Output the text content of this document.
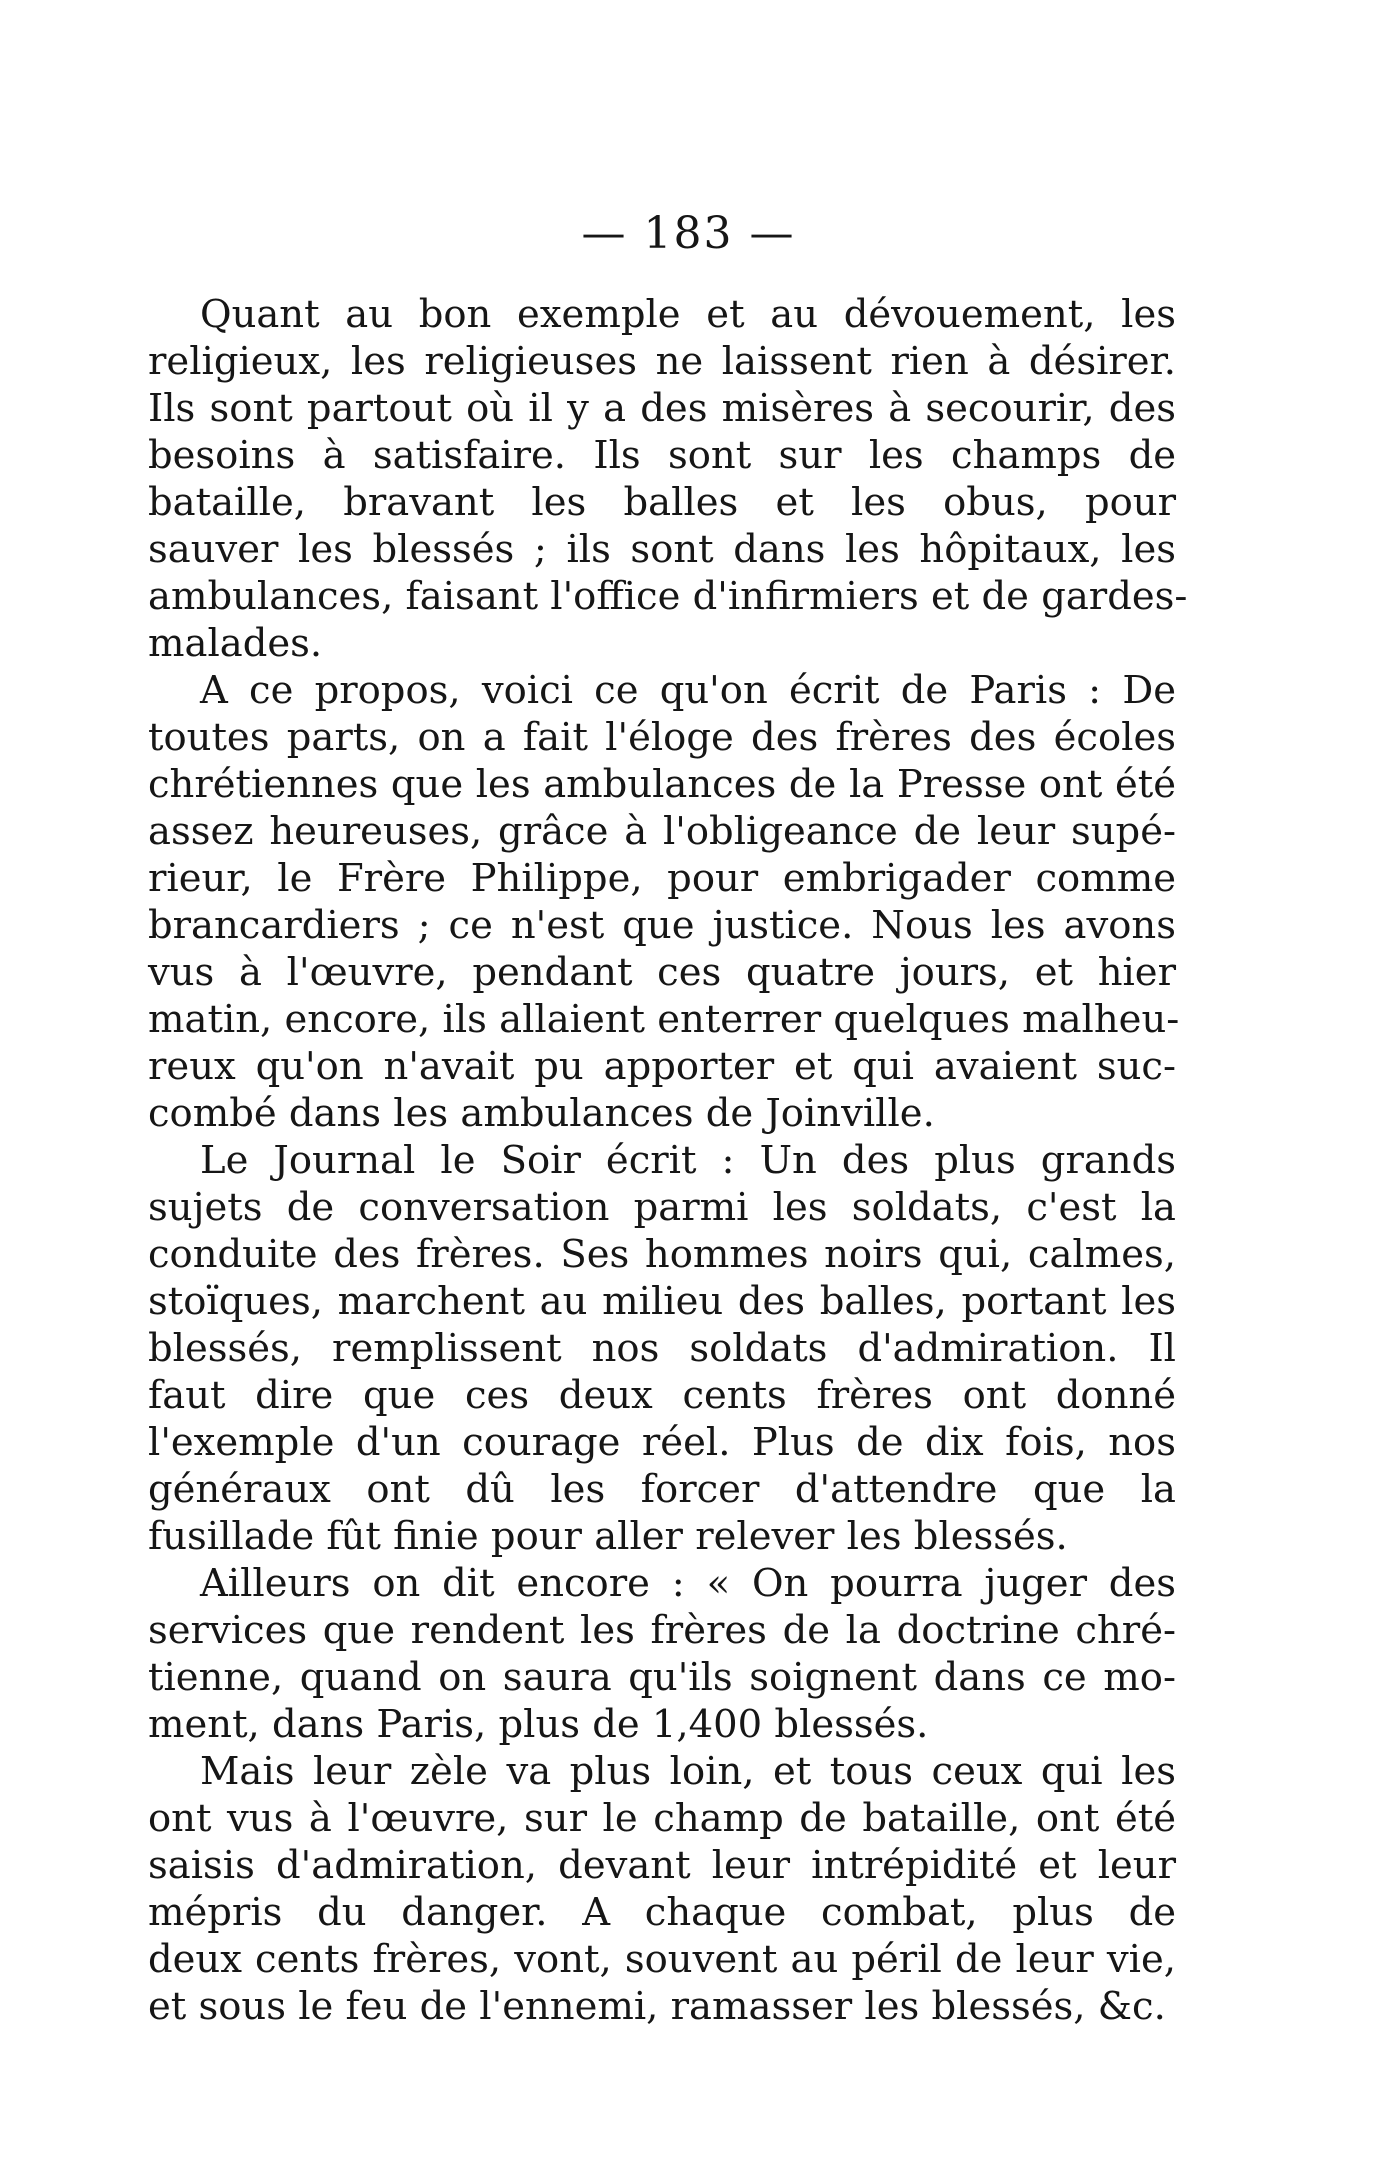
— 183 —
Quant au bon exemple et au dévouement, les
religieux, les religieuses ne laissent rien à désirer.
Ils sont partout où il y a des misères à secourir, des
besoins à satisfaire. Ils sont sur les champs de
bataille, bravant les balles et les obus, pour
sauver les blessés ; ils sont dans les hôpitaux, les
ambulances, faisant l'office d'infirmiers et de gardes-
malades.
A ce propos, voici ce qu'on écrit de Paris : De
toutes parts, on a fait l'éloge des frères des écoles
chrétiennes que les ambulances de la Presse ont été
assez heureuses, grâce à l'obligeance de leur supé-
rieur, le Frère Philippe, pour embrigader comme
brancardiers ; ce n'est que justice. Nous les avons
vus à l'œuvre, pendant ces quatre jours, et hier
matin, encore, ils allaient enterrer quelques malheu-
reux qu'on n'avait pu apporter et qui avaient suc-
combé dans les ambulances de Joinville.
Le Journal le Soir écrit : Un des plus grands
sujets de conversation parmi les soldats, c'est la
conduite des frères. Ses hommes noirs qui, calmes,
stoïques, marchent au milieu des balles, portant les
blessés, remplissent nos soldats d'admiration. Il
faut dire que ces deux cents frères ont donné
l'exemple d'un courage réel. Plus de dix fois, nos
généraux ont dû les forcer d'attendre que la
fusillade fût finie pour aller relever les blessés.
Ailleurs on dit encore : « On pourra juger des
services que rendent les frères de la doctrine chré-
tienne, quand on saura qu'ils soignent dans ce mo-
ment, dans Paris, plus de 1,400 blessés.
Mais leur zèle va plus loin, et tous ceux qui les
ont vus à l'œuvre, sur le champ de bataille, ont été
saisis d'admiration, devant leur intrépidité et leur
mépris du danger. A chaque combat, plus de
deux cents frères, vont, souvent au péril de leur vie,
et sous le feu de l'ennemi, ramasser les blessés, &c.
